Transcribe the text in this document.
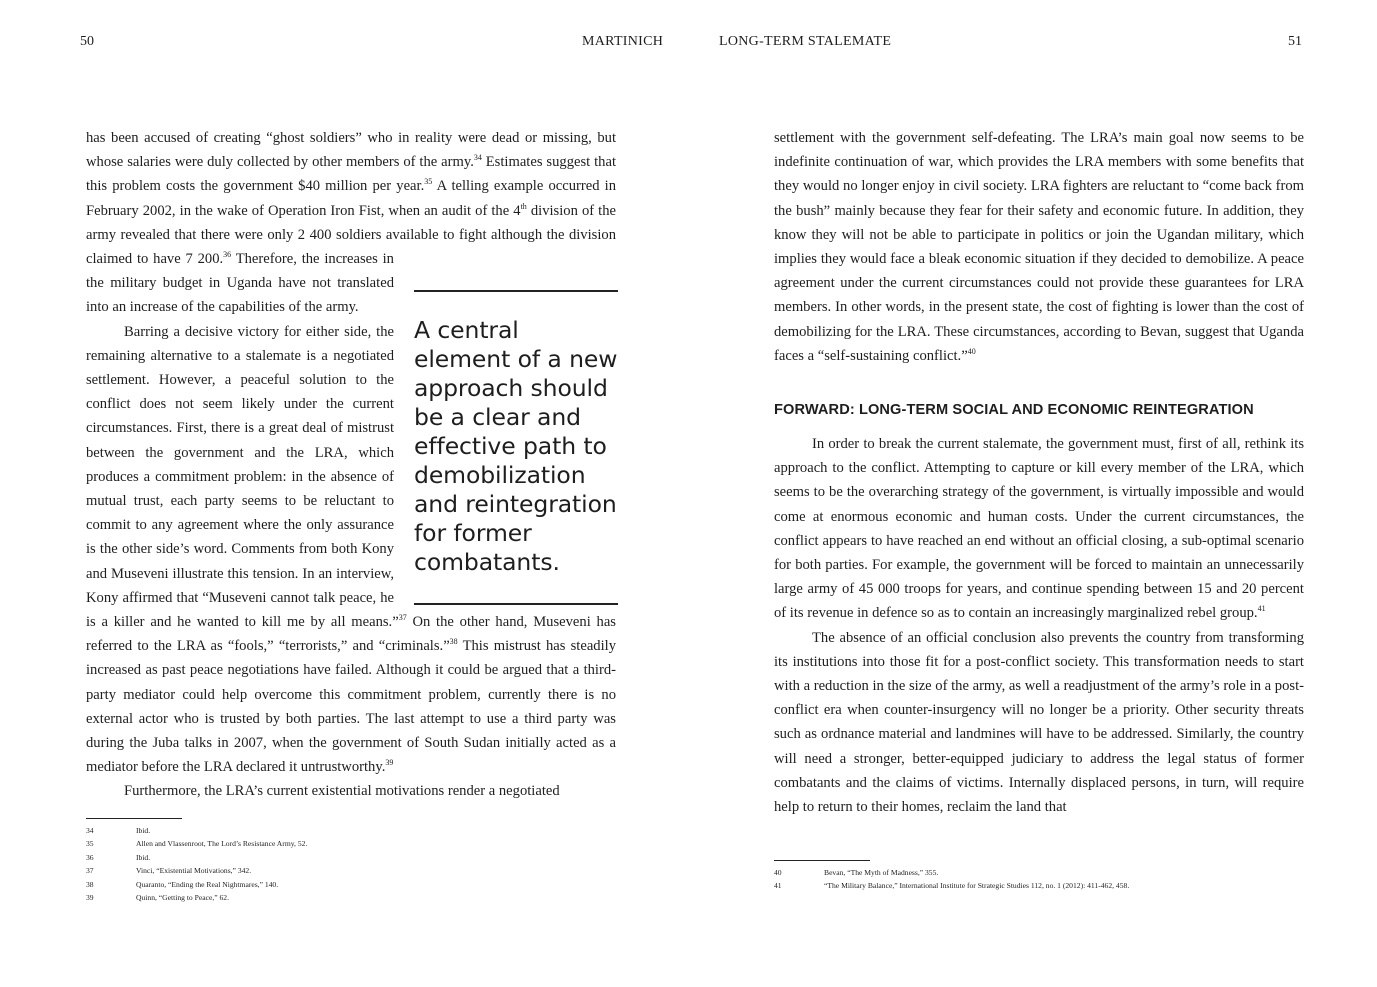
50	MARTINICH

has been accused of creating “ghost soldiers” who in reality were dead or missing, but whose salaries were duly collected by other members of the army.$^{34}$ Estimates suggest that this problem costs the government $40 million per year.$^{35}$ A telling example occurred in February 2002, in the wake of Operation Iron Fist, when an audit of the 4th division of the army revealed that there were only 2 400 soldiers available to fight although the division claimed to have 7 200.36 Therefore, the increases in the military budget in Uganda have not translated into an increase of the capabilities of the army.

Barring a decisive victory for either side, the remaining alternative to a stalemate is a negotiated settlement. However, a peaceful solution to the conflict does not seem likely under the current circumstances. First, there is a great deal of mistrust between the government and the LRA, which produces a commitment problem: in the absence of mutual trust, each party seems to be reluctant to commit to any agreement where the only assurance is the other side’s word. Comments from both Kony and Museveni illustrate this tension. In an interview, Kony affirmed that “Museveni cannot talk peace, he is a killer and he wanted to kill me by all means.”$^{37}$ On the other hand, Museveni has referred to the LRA as “fools,” “terrorists,” and “criminals.”$^{38}$ This mistrust has steadily increased as past peace negotiations have failed. Although it could be argued that a third-party mediator could help overcome this commitment problem, currently there is no external actor who is trusted by both parties. The last attempt to use a third party was during the Juba talks in 2007, when the government of South Sudan initially acted as a mediator before the LRA declared it untrustworthy.$^{39}$

Furthermore, the LRA’s current existential motivations render a negotiated

34	Ibid.
35	Allen and Vlassenroot, The Lord’s Resistance Army, 52.
36	Ibid.
37	Vinci, “Existential Motivations,” 342.
38	Quaranto, “Ending the Real Nightmares,” 140.
39	Quinn, “Getting to Peace,” 62.
A central element of a new approach should be a clear and effective path to demobilization and reintegration for former combatants.
LONG-TERM STALEMATE	51

settlement with the government self-defeating. The LRA’s main goal now seems to be indefinite continuation of war, which provides the LRA members with some benefits that they would no longer enjoy in civil society. LRA fighters are reluctant to “come back from the bush” mainly because they fear for their safety and economic future. In addition, they know they will not be able to participate in politics or join the Ugandan military, which implies they would face a bleak economic situation if they decided to demobilize. A peace agreement under the current circumstances could not provide these guarantees for LRA members. In other words, in the present state, the cost of fighting is lower than the cost of demobilizing for the LRA. These circumstances, according to Bevan, suggest that Uganda faces a “self-sustaining conflict.”$^{40}$

FORWARD: LONG-TERM SOCIAL AND ECONOMIC REINTEGRATION

In order to break the current stalemate, the government must, first of all, rethink its approach to the conflict. Attempting to capture or kill every member of the LRA, which seems to be the overarching strategy of the government, is virtually impossible and would come at enormous economic and human costs. Under the current circumstances, the conflict appears to have reached an end without an official closing, a sub-optimal scenario for both parties. For example, the government will be forced to maintain an unnecessarily large army of 45 000 troops for years, and continue spending between 15 and 20 percent of its revenue in defence so as to contain an increasingly marginalized rebel group.$^{41}$

The absence of an official conclusion also prevents the country from transforming its institutions into those fit for a post-conflict society. This transformation needs to start with a reduction in the size of the army, as well a readjustment of the army’s role in a post-conflict era when counter-insurgency will no longer be a priority. Other security threats such as ordnance material and landmines will have to be addressed. Similarly, the country will need a stronger, better-equipped judiciary to address the legal status of former combatants and the claims of victims. Internally displaced persons, in turn, will require help to return to their homes, reclaim the land that

40	Bevan, “The Myth of Madness,” 355.
41	“The Military Balance,” International Institute for Strategic Studies 112, no. 1 (2012): 411-462, 458.
